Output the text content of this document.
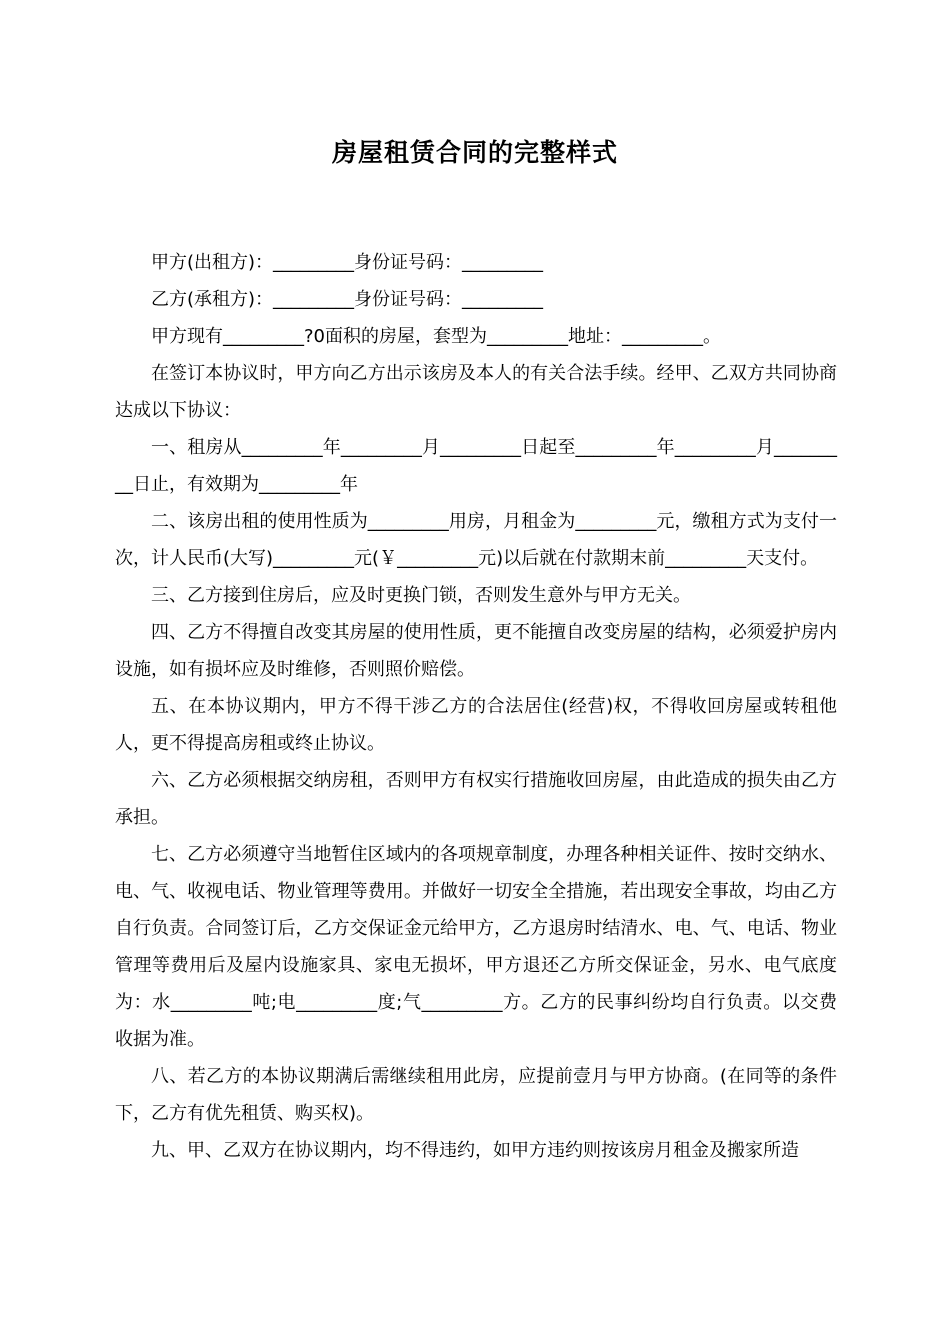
房屋租赁合同的完整样式

甲方(出租方)：_________身份证号码：_________

乙方(承租方)：_________身份证号码：_________

甲方现有_________?0面积的房屋，套型为_________地址：_________。

在签订本协议时，甲方向乙方出示该房及本人的有关合法手续。经甲、乙双方共同协商达成以下协议：

一、租房从_________年_________月_________日起至_________年_________月_________日止，有效期为_________年

二、该房出租的使用性质为_________用房，月租金为_________元，缴租方式为支付一次，计人民币(大写)_________元(￥_________元)以后就在付款期末前_________天支付。

三、乙方接到住房后，应及时更换门锁，否则发生意外与甲方无关。

四、乙方不得擅自改变其房屋的使用性质，更不能擅自改变房屋的结构，必须爱护房内设施，如有损坏应及时维修，否则照价赔偿。

五、在本协议期内，甲方不得干涉乙方的合法居住(经营)权，不得收回房屋或转租他人，更不得提高房租或终止协议。

六、乙方必须根据交纳房租，否则甲方有权实行措施收回房屋，由此造成的损失由乙方承担。

七、乙方必须遵守当地暂住区域内的各项规章制度，办理各种相关证件、按时交纳水、电、气、收视电话、物业管理等费用。并做好一切安全全措施，若出现安全事故，均由乙方自行负责。合同签订后，乙方交保证金元给甲方，乙方退房时结清水、电、气、电话、物业管理等费用后及屋内设施家具、家电无损坏，甲方退还乙方所交保证金，另水、电气底度为：水_________吨;电_________度;气_________方。乙方的民事纠纷均自行负责。以交费收据为准。

八、若乙方的本协议期满后需继续租用此房，应提前壹月与甲方协商。(在同等的条件下，乙方有优先租赁、购买权)。

九、甲、乙双方在协议期内，均不得违约，如甲方违约则按该房月租金及搬家所造
